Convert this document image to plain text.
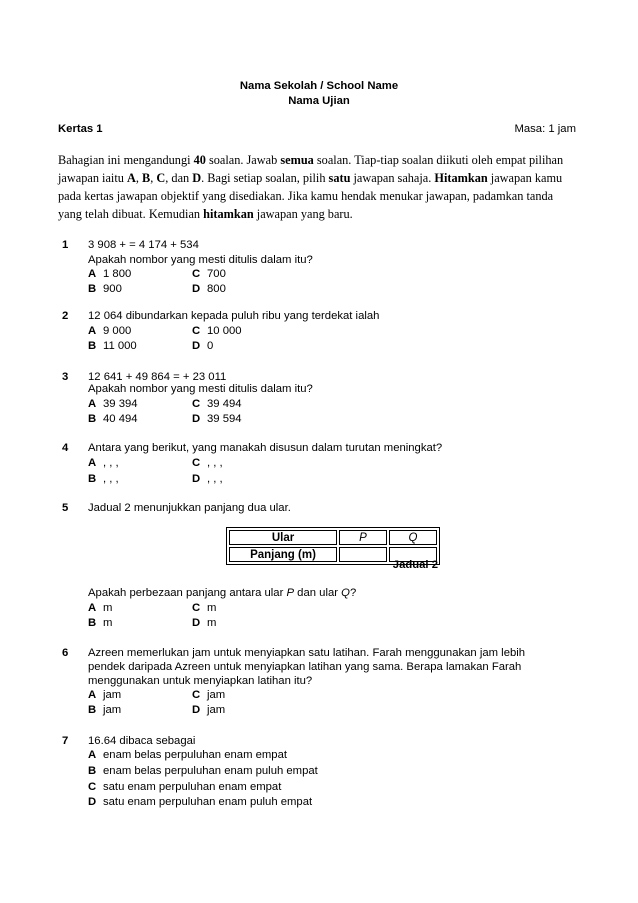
Nama Sekolah / School Name
Nama Ujian
Kertas 1	Masa: 1 jam
Bahagian ini mengandungi 40 soalan. Jawab semua soalan. Tiap-tiap soalan diikuti oleh empat pilihan jawapan iaitu A, B, C, dan D. Bagi setiap soalan, pilih satu jawapan sahaja. Hitamkan jawapan kamu pada kertas jawapan objektif yang disediakan. Jika kamu hendak menukar jawapan, padamkan tanda yang telah dibuat. Kemudian hitamkan jawapan yang baru.
1 3 908 + = 4 174 + 534
Apakah nombor yang mesti ditulis dalam itu?
A 1 800	C 700
B 900	D 800
2 12 064 dibundarkan kepada puluh ribu yang terdekat ialah
A 9 000	C 10 000
B 11 000	D 0
3 12 641 + 49 864 = + 23 011
Apakah nombor yang mesti ditulis dalam itu?
A 39 394	C 39 494
B 40 494	D 39 594
4 Antara yang berikut, yang manakah disusun dalam turutan meningkat?
A , , ,	C , , ,
B , , ,	D , , ,
5 Jadual 2 menunjukkan panjang dua ular.
Ular	P	Q
Panjang (m)		
Jadual 2
Apakah perbezaan panjang antara ular P dan ular Q?
A m	C m
B m	D m
6 Azreen memerlukan jam untuk menyiapkan satu latihan. Farah menggunakan jam lebih
pendek daripada Azreen untuk menyiapkan latihan yang sama. Berapa lamakan Farah
menggunakan untuk menyiapkan latihan itu?
A jam	C jam
B jam	D jam
7 16.64 dibaca sebagai
A enam belas perpuluhan enam empat
B enam belas perpuluhan enam puluh empat
C satu enam perpuluhan enam empat
D satu enam perpuluhan enam puluh empat
